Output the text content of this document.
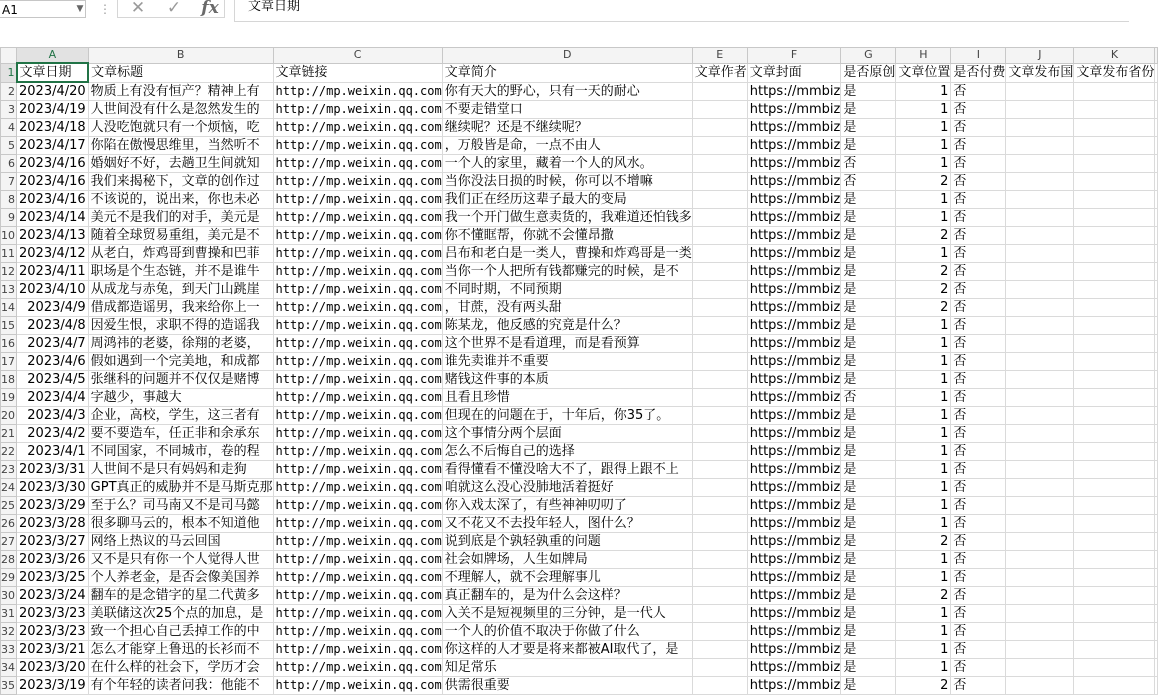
A1	▼ ⋮	✕	✓	fx	文章日期
	A	B	C	D	E	F	G	H	I	J	K	
1	文章日期	文章标题	文章链接	文章简介	文章作者	文章封面	是否原创	文章位置	是否付费	文章发布国	文章发布省份	
2	2023/4/20	物质上有没有恒产？精神上有	http://mp.weixin.qq.com	你有天大的野心，只有一天的耐心		https://mmbiz	是	1	否			
3	2023/4/19	人世间没有什么是忽然发生的	http://mp.weixin.qq.com	不要走错堂口		https://mmbiz	是	1	否			
4	2023/4/18	人没吃饱就只有一个烦恼，吃	http://mp.weixin.qq.com	继续呢？还是不继续呢？		https://mmbiz	是	1	否			
5	2023/4/17	你陷在傲慢思维里，当然听不	http://mp.weixin.qq.com	，万般皆是命，一点不由人		https://mmbiz	是	1	否			
6	2023/4/16	婚姻好不好，去趟卫生间就知	http://mp.weixin.qq.com	一个人的家里，藏着一个人的风水。		https://mmbiz	否	1	否			
7	2023/4/16	我们来揭秘下，文章的创作过	http://mp.weixin.qq.com	当你没法日损的时候，你可以不增嘛		https://mmbiz	否	2	否			
8	2023/4/16	不该说的，说出来，你也未必	http://mp.weixin.qq.com	我们正在经历这辈子最大的变局		https://mmbiz	是	1	否			
9	2023/4/14	美元不是我们的对手，美元是	http://mp.weixin.qq.com	我一个开门做生意卖货的，我难道还怕钱多		https://mmbiz	是	1	否			
10	2023/4/13	随着全球贸易重组，美元是不	http://mp.weixin.qq.com	你不懂眶帮，你就不会懂昂撒		https://mmbiz	是	2	否			
11	2023/4/12	从老白，炸鸡哥到曹操和巴菲	http://mp.weixin.qq.com	吕布和老白是一类人，曹操和炸鸡哥是一类		https://mmbiz	是	1	否			
12	2023/4/11	职场是个生态链，并不是谁牛	http://mp.weixin.qq.com	当你一个人把所有钱都赚完的时候，是不		https://mmbiz	是	2	否			
13	2023/4/10	从成龙与赤兔，到天门山跳崖	http://mp.weixin.qq.com	不同时期，不同预期		https://mmbiz	是	2	否			
14	2023/4/9	借成都造谣男，我来给你上一	http://mp.weixin.qq.com	，甘蔗，没有两头甜		https://mmbiz	是	2	否			
15	2023/4/8	因爱生恨，求职不得的造谣我	http://mp.weixin.qq.com	陈某龙，他反感的究竟是什么？		https://mmbiz	是	1	否			
16	2023/4/7	周鸿祎的老婆，徐翔的老婆，	http://mp.weixin.qq.com	这个世界不是看道理，而是看预算		https://mmbiz	是	1	否			
17	2023/4/6	假如遇到一个完美地，和成都	http://mp.weixin.qq.com	谁先卖谁并不重要		https://mmbiz	是	1	否			
18	2023/4/5	张继科的问题并不仅仅是赌博	http://mp.weixin.qq.com	赌钱这件事的本质		https://mmbiz	是	1	否			
19	2023/4/4	字越少，事越大	http://mp.weixin.qq.com	且看且珍惜		https://mmbiz	否	1	否			
20	2023/4/3	企业，高校，学生，这三者有	http://mp.weixin.qq.com	但现在的问题在于，十年后，你35了。		https://mmbiz	是	1	否			
21	2023/4/2	要不要造车，任正非和余承东	http://mp.weixin.qq.com	这个事情分两个层面		https://mmbiz	是	1	否			
22	2023/4/1	不同国家，不同城市，卷的程	http://mp.weixin.qq.com	怎么不后悔自己的选择		https://mmbiz	是	1	否			
23	2023/3/31	人世间不是只有妈妈和走狗	http://mp.weixin.qq.com	看得懂看不懂没啥大不了，跟得上跟不上		https://mmbiz	是	1	否			
24	2023/3/30	GPT真正的威胁并不是马斯克那	http://mp.weixin.qq.com	咱就这么没心没肺地活着挺好		https://mmbiz	是	1	否			
25	2023/3/29	至于么？司马南又不是司马懿	http://mp.weixin.qq.com	你入戏太深了，有些神神叨叨了		https://mmbiz	是	1	否			
26	2023/3/28	很多聊马云的，根本不知道他	http://mp.weixin.qq.com	又不花又不去投年轻人，图什么？		https://mmbiz	是	1	否			
27	2023/3/27	网络上热议的马云回国	http://mp.weixin.qq.com	说到底是个孰轻孰重的问题		https://mmbiz	是	2	否			
28	2023/3/26	又不是只有你一个人觉得人世	http://mp.weixin.qq.com	社会如牌场，人生如牌局		https://mmbiz	是	1	否			
29	2023/3/25	个人养老金，是否会像美国养	http://mp.weixin.qq.com	不理解人，就不会理解事儿		https://mmbiz	是	1	否			
30	2023/3/24	翻车的是念错字的星二代黄多	http://mp.weixin.qq.com	真正翻车的，是为什么会这样？		https://mmbiz	是	2	否			
31	2023/3/23	美联储这次25个点的加息，是	http://mp.weixin.qq.com	入关不是短视频里的三分钟，是一代人		https://mmbiz	是	1	否			
32	2023/3/23	致一个担心自己丢掉工作的中	http://mp.weixin.qq.com	一个人的价值不取决于你做了什么		https://mmbiz	是	1	否			
33	2023/3/21	怎么才能穿上鲁迅的长衫而不	http://mp.weixin.qq.com	你这样的人才要是将来都被AI取代了，是		https://mmbiz	是	1	否			
34	2023/3/20	在什么样的社会下，学历才会	http://mp.weixin.qq.com	知足常乐		https://mmbiz	是	1	否			
35	2023/3/19	有个年轻的读者问我：他能不	http://mp.weixin.qq.com	供需很重要		https://mmbiz	是	2	否			
